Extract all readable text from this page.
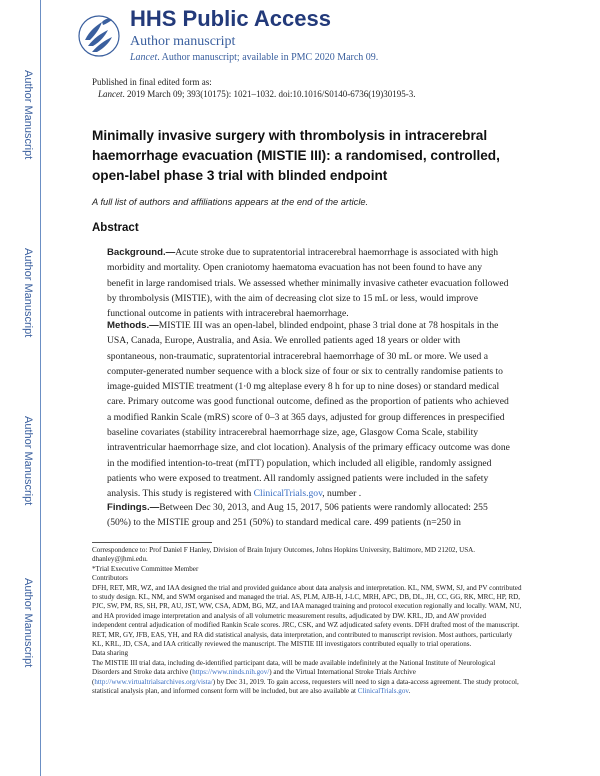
Author Manuscript
Author Manuscript
Author Manuscript
Author Manuscript
HHS Public Access
Author manuscript
Lancet. Author manuscript; available in PMC 2020 March 09.
Published in final edited form as:
Lancet. 2019 March 09; 393(10175): 1021–1032. doi:10.1016/S0140-6736(19)30195-3.
Minimally invasive surgery with thrombolysis in intracerebral haemorrhage evacuation (MISTIE III): a randomised, controlled, open-label phase 3 trial with blinded endpoint
A full list of authors and affiliations appears at the end of the article.
Abstract
Background.—Acute stroke due to supratentorial intracerebral haemorrhage is associated with high morbidity and mortality. Open craniotomy haematoma evacuation has not been found to have any benefit in large randomised trials. We assessed whether minimally invasive catheter evacuation followed by thrombolysis (MISTIE), with the aim of decreasing clot size to 15 mL or less, would improve functional outcome in patients with intracerebral haemorrhage.
Methods.—MISTIE III was an open-label, blinded endpoint, phase 3 trial done at 78 hospitals in the USA, Canada, Europe, Australia, and Asia. We enrolled patients aged 18 years or older with spontaneous, non-traumatic, supratentorial intracerebral haemorrhage of 30 mL or more. We used a computer-generated number sequence with a block size of four or six to centrally randomise patients to image-guided MISTIE treatment (1·0 mg alteplase every 8 h for up to nine doses) or standard medical care. Primary outcome was good functional outcome, defined as the proportion of patients who achieved a modified Rankin Scale (mRS) score of 0–3 at 365 days, adjusted for group differences in prespecified baseline covariates (stability intracerebral haemorrhage size, age, Glasgow Coma Scale, stability intraventricular haemorrhage size, and clot location). Analysis of the primary efficacy outcome was done in the modified intention-to-treat (mITT) population, which included all eligible, randomly assigned patients who were exposed to treatment. All randomly assigned patients were included in the safety analysis. This study is registered with ClinicalTrials.gov, number .
Findings.—Between Dec 30, 2013, and Aug 15, 2017, 506 patients were randomly allocated: 255 (50%) to the MISTIE group and 251 (50%) to standard medical care. 499 patients (n=250 in

Correspondence to: Prof Daniel F Hanley, Division of Brain Injury Outcomes, Johns Hopkins University, Baltimore, MD 21202, USA. dhanley@jhmi.edu.

*Trial Executive Committee Member

Contributors

DFH, RET, MR, WZ, and IAA designed the trial and provided guidance about data analysis and interpretation. KL, NM, SWM, SJ, and PV contributed to study design. KL, NM, and SWM organised and managed the trial. AS, PLM, AJB-H, J-LC, MRH, APC, DB, DL, JH, CC, GG, RK, MRC, HP, RD, PJC, SW, PM, RS, SH, PR, AU, JST, WW, CSA, ADM, BG, MZ, and IAA managed training and protocol execution regionally and locally. WAM, NU, and HA provided image interpretation and analysis of all volumetric measurement results, adjudicated by DW. KRL, JD, and AW provided independent central adjudication of modified Rankin Scale scores. JRC, CSK, and WZ adjudicated safety events. DFH drafted most of the manuscript. RET, MR, GY, JFB, EAS, YH, and RA did statistical analysis, data interpretation, and contributed to manuscript revision. Most authors, particularly KL, KRL, JD, CSA, and IAA critically reviewed the manuscript. The MISTIE III investigators contributed equally to trial operations.

Data sharing

The MISTIE III trial data, including de-identified participant data, will be made available indefinitely at the National Institute of Neurological Disorders and Stroke data archive (https://www.ninds.nih.gov/) and the Virtual International Stroke Trials Archive (http://www.virtualtrialsarchives.org/vista/) by Dec 31, 2019. To gain access, requesters will need to sign a data-access agreement. The study protocol, statistical analysis plan, and informed consent form will be included, but are also available at ClinicalTrials.gov.
